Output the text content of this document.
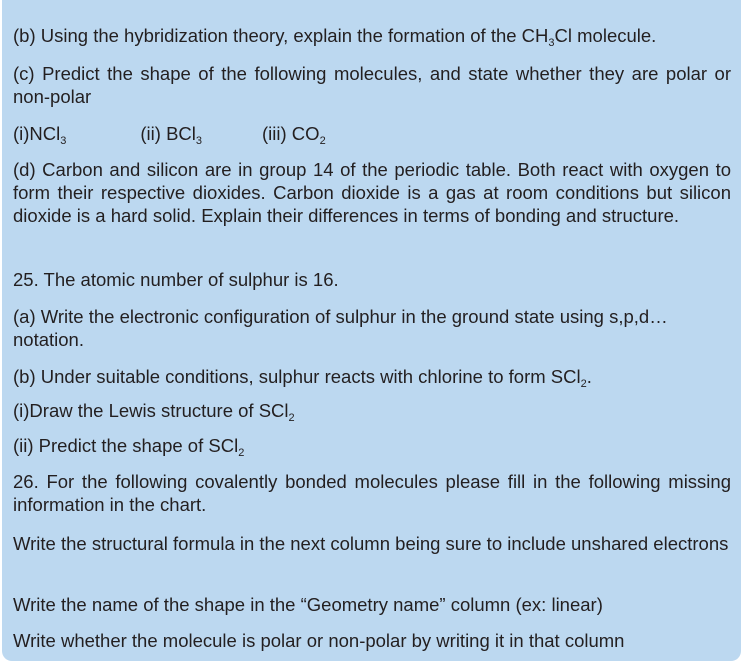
(b) Using the hybridization theory, explain the formation of the $CH_3Cl$ molecule.

(c) Predict the shape of the following molecules, and state whether they are polar or non-polar

(i)NCl$_3$	(ii) BCl$_3$	(iii) $CO_2$

(d) Carbon and silicon are in group 14 of the periodic table. Both react with oxygen to form their respective dioxides. Carbon dioxide is a gas at room conditions but silicon dioxide is a hard solid. Explain their differences in terms of bonding and structure.

25. The atomic number of sulphur is 16.

(a) Write the electronic configuration of sulphur in the ground state using s,p,d… notation.

(b) Under suitable conditions, sulphur reacts with chlorine to form SCl$_2$.

(i)Draw the Lewis structure of SCl$_2$

(ii) Predict the shape of SCl$_2$

26. For the following covalently bonded molecules please fill in the following missing information in the chart.

Write the structural formula in the next column being sure to include unshared electrons

Write the name of the shape in the “Geometry name” column (ex: linear)

Write whether the molecule is polar or non-polar by writing it in that column
